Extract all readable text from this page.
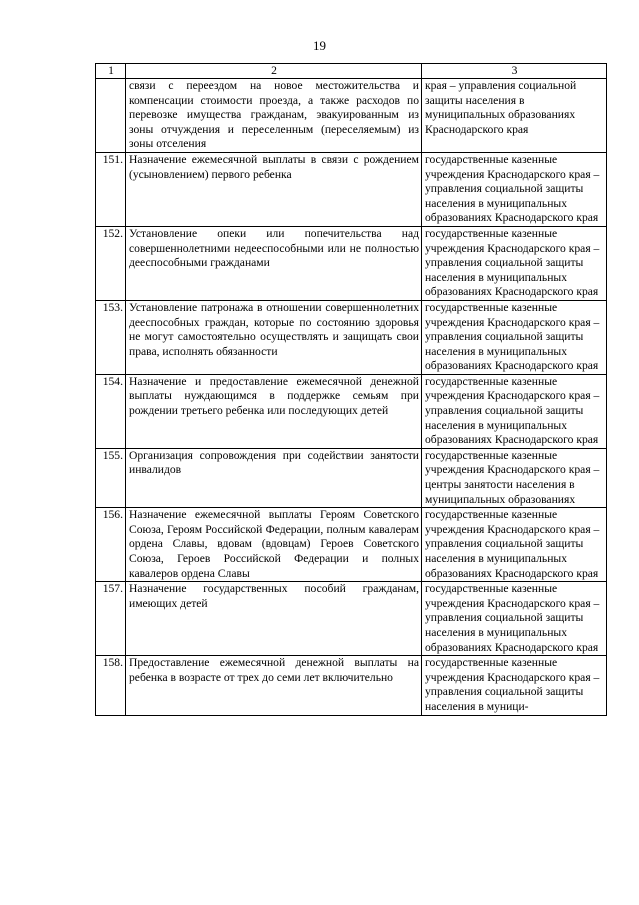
19
1	2	3
	связи с переездом на новое местожительства и компенсации стоимости проезда, а также расходов по перевозке имущества гражданам, эвакуированным из зоны отчуждения и переселенным (переселяемым) из зоны отселения	края – управления социальной защиты населения в муниципальных образованиях Краснодарского края
151.	Назначение ежемесячной выплаты в связи с рождением (усыновлением) первого ребенка	государственные казенные учреждения Краснодарского края – управления социальной защиты населения в муниципальных образованиях Краснодарского края
152.	Установление опеки или попечительства над совершеннолетними недееспособными или не полностью дееспособными гражданами	государственные казенные учреждения Краснодарского края – управления социальной защиты населения в муниципальных образованиях Краснодарского края
153.	Установление патронажа в отношении совершеннолетних дееспособных граждан, которые по состоянию здоровья не могут самостоятельно осуществлять и защищать свои права, исполнять обязанности	государственные казенные учреждения Краснодарского края – управления социальной защиты населения в муниципальных образованиях Краснодарского края
154.	Назначение и предоставление ежемесячной денежной выплаты нуждающимся в поддержке семьям при рождении третьего ребенка или последующих детей	государственные казенные учреждения Краснодарского края – управления социальной защиты населения в муниципальных образованиях Краснодарского края
155.	Организация сопровождения при содействии занятости инвалидов	государственные казенные учреждения Краснодарского края – центры занятости населения в муниципальных образованиях
156.	Назначение ежемесячной выплаты Героям Советского Союза, Героям Российской Федерации, полным кавалерам ордена Славы, вдовам (вдовцам) Героев Советского Союза, Героев Российской Федерации и полных кавалеров ордена Славы	государственные казенные учреждения Краснодарского края – управления социальной защиты населения в муниципальных образованиях Краснодарского края
157.	Назначение государственных пособий гражданам, имеющих детей	государственные казенные учреждения Краснодарского края – управления социальной защиты населения в муниципальных образованиях Краснодарского края
158.	Предоставление ежемесячной денежной выплаты на ребенка в возрасте от трех до семи лет включительно	государственные казенные учреждения Краснодарского края – управления социальной защиты населения в муници-
